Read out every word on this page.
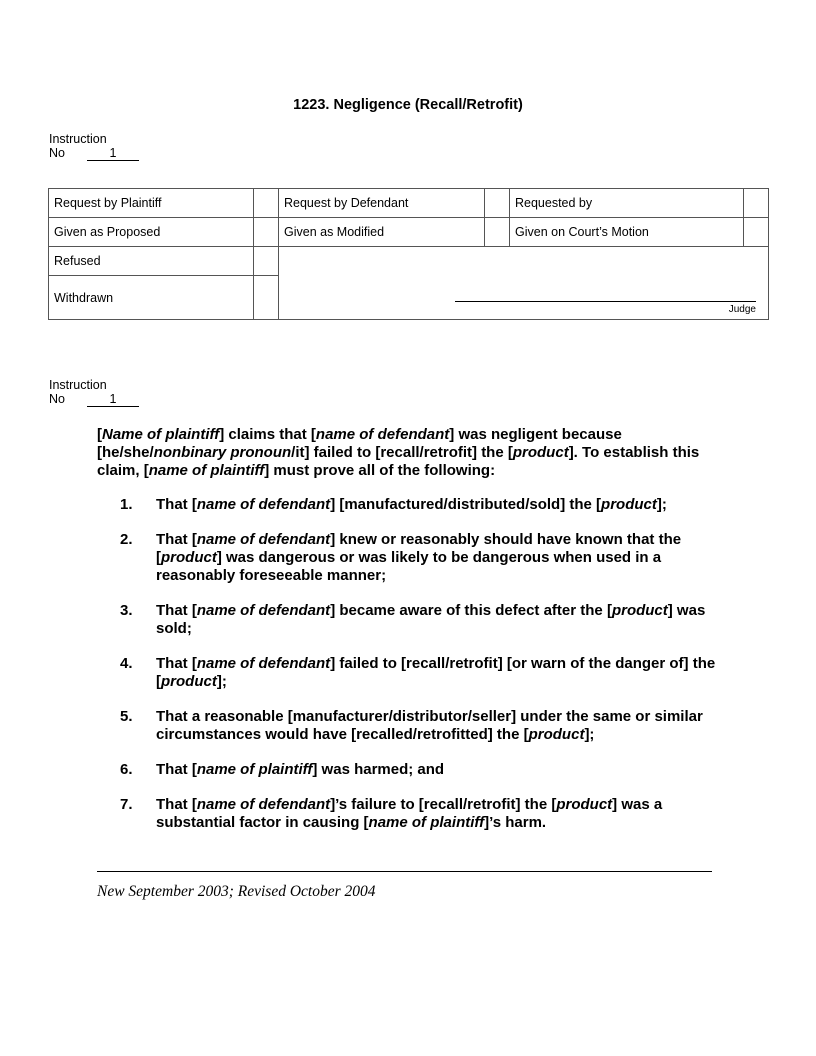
1223. Negligence (Recall/Retrofit)
Instruction
No	1
Request by Plaintiff		Request by Defendant		Requested by	
Given as Proposed		Given as Modified		Given on Court’s Motion	
Refused		Judge			

Withdrawn					
Instruction
No	1

[Name of plaintiff] claims that [name of defendant] was negligent because [he/she/nonbinary pronoun/it] failed to [recall/retrofit] the [product]. To establish this claim, [name of plaintiff] must prove all of the following:

1.	That [name of defendant] [manufactured/distributed/sold] the [product];
2.	That [name of defendant] knew or reasonably should have known that the [product] was dangerous or was likely to be dangerous when used in a reasonably foreseeable manner;
3.	That [name of defendant] became aware of this defect after the [product] was sold;
4.	That [name of defendant] failed to [recall/retrofit] [or warn of the danger of] the [product];
5.	That a reasonable [manufacturer/distributor/seller] under the same or similar circumstances would have [recalled/retrofitted] the [product];
6.	That [name of plaintiff] was harmed; and
7.	That [name of defendant]’s failure to [recall/retrofit] the [product] was a substantial factor in causing [name of plaintiff]’s harm.
New September 2003; Revised October 2004
